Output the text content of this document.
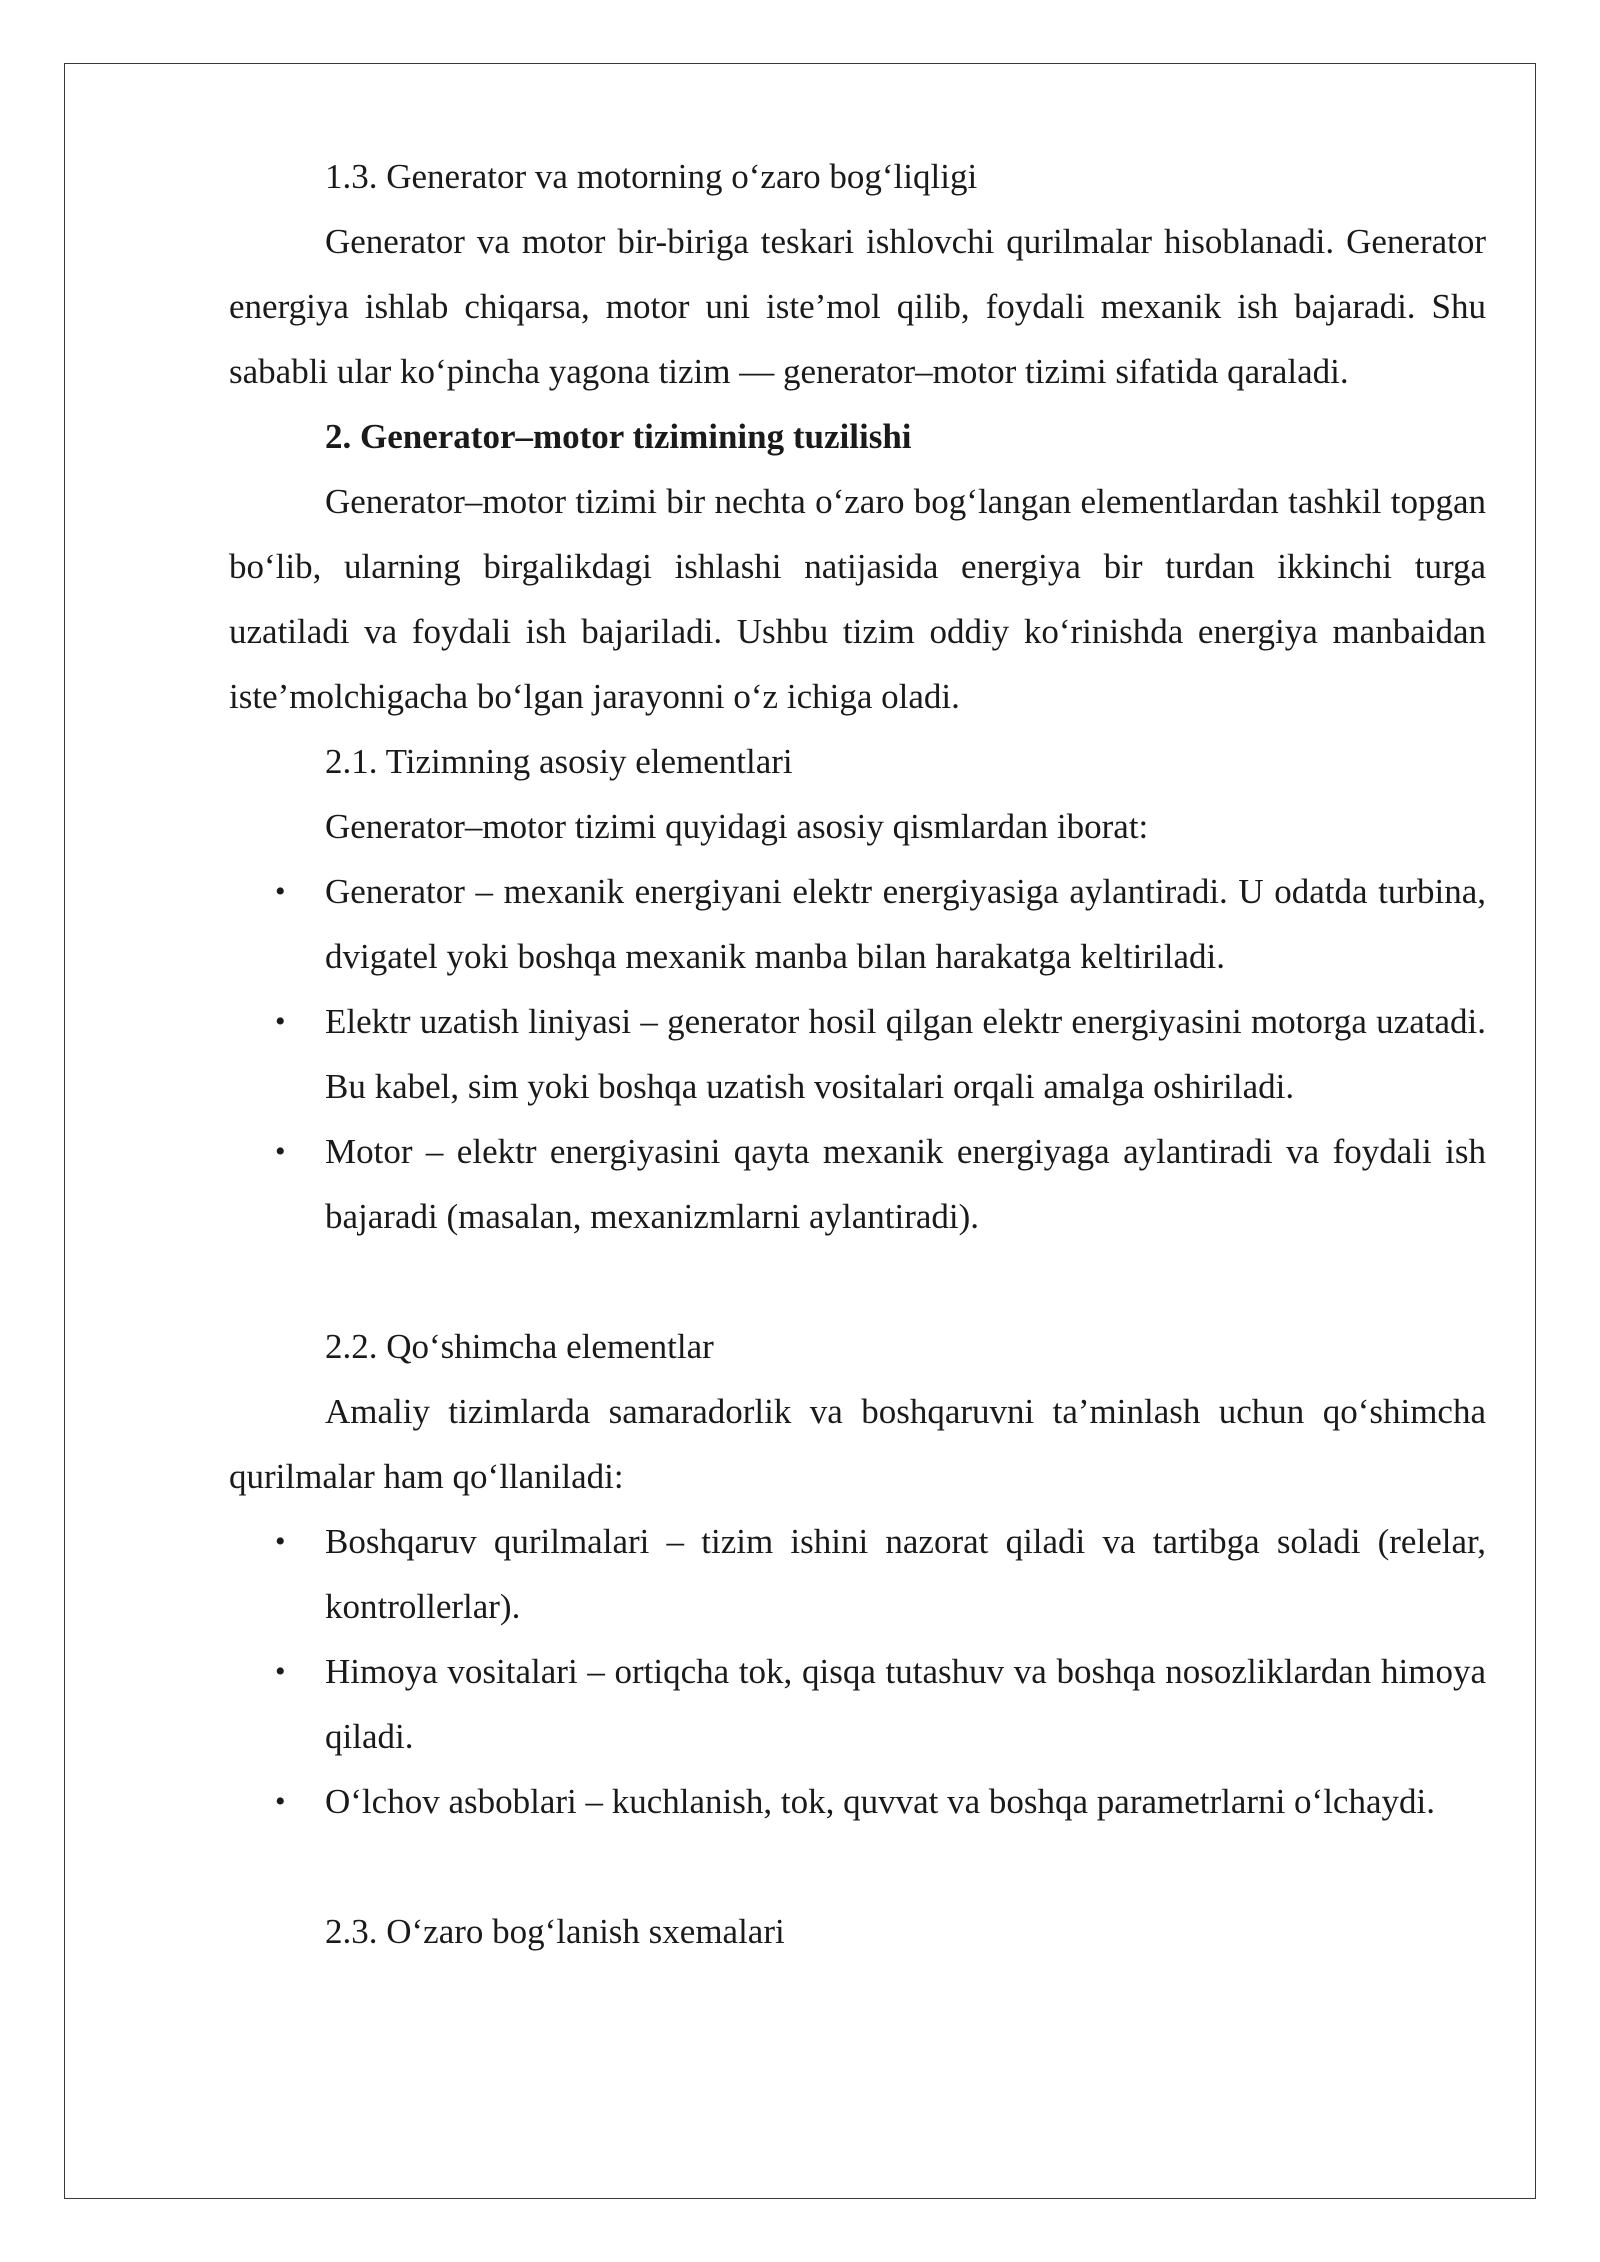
1.3. Generator va motorning o‘zaro bog‘liqligi

Generator va motor bir-biriga teskari ishlovchi qurilmalar hisoblanadi. Generator energiya ishlab chiqarsa, motor uni iste’mol qilib, foydali mexanik ish bajaradi. Shu sababli ular ko‘pincha yagona tizim — generator–motor tizimi sifatida qaraladi.

2. Generator–motor tizimining tuzilishi

Generator–motor tizimi bir nechta o‘zaro bog‘langan elementlardan tashkil topgan bo‘lib, ularning birgalikdagi ishlashi natijasida energiya bir turdan ikkinchi turga uzatiladi va foydali ish bajariladi. Ushbu tizim oddiy ko‘rinishda energiya manbaidan iste’molchigacha bo‘lgan jarayonni o‘z ichiga oladi.

2.1. Tizimning asosiy elementlari

Generator–motor tizimi quyidagi asosiy qismlardan iborat:

• Generator – mexanik energiyani elektr energiyasiga aylantiradi. U odatda turbina, dvigatel yoki boshqa mexanik manba bilan harakatga keltiriladi.
• Elektr uzatish liniyasi – generator hosil qilgan elektr energiyasini motorga uzatadi. Bu kabel, sim yoki boshqa uzatish vositalari orqali amalga oshiriladi.
• Motor – elektr energiyasini qayta mexanik energiyaga aylantiradi va foydali ish bajaradi (masalan, mexanizmlarni aylantiradi).

2.2. Qo‘shimcha elementlar

Amaliy tizimlarda samaradorlik va boshqaruvni ta’minlash uchun qo‘shimcha qurilmalar ham qo‘llaniladi:

• Boshqaruv qurilmalari – tizim ishini nazorat qiladi va tartibga soladi (relelar, kontrollerlar).
• Himoya vositalari – ortiqcha tok, qisqa tutashuv va boshqa nosozliklardan himoya qiladi.
• O‘lchov asboblari – kuchlanish, tok, quvvat va boshqa parametrlarni o‘lchaydi.

2.3. O‘zaro bog‘lanish sxemalari
